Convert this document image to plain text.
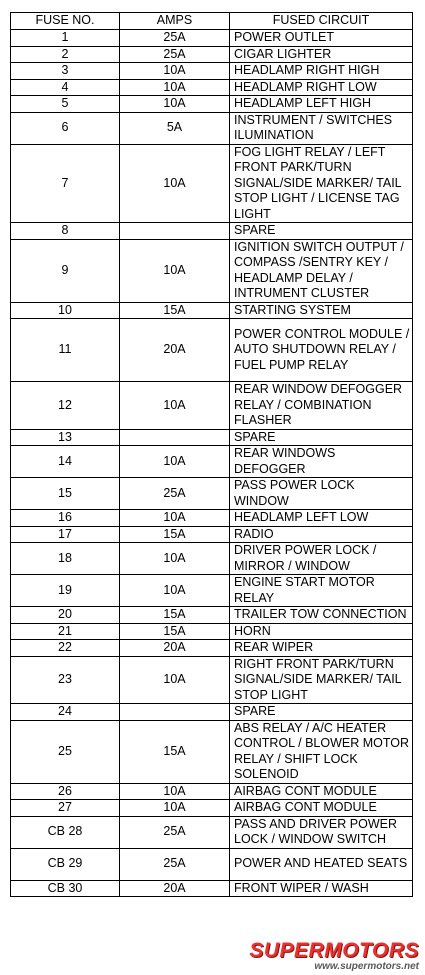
FUSE NO.	AMPS	FUSED CIRCUIT
1	25A	POWER OUTLET
2	25A	CIGAR LIGHTER
3	10A	HEADLAMP RIGHT HIGH
4	10A	HEADLAMP RIGHT LOW
5	10A	HEADLAMP LEFT HIGH
6	5A	INSTRUMENT / SWITCHES ILUMINATION
7	10A	FOG LIGHT RELAY / LEFT FRONT PARK/TURN SIGNAL/SIDE MARKER/ TAIL STOP LIGHT / LICENSE TAG LIGHT
8		SPARE
9	10A	IGNITION SWITCH OUTPUT / COMPASS /SENTRY KEY / HEADLAMP DELAY / INTRUMENT CLUSTER
10	15A	STARTING SYSTEM
11	20A	POWER CONTROL MODULE / AUTO SHUTDOWN RELAY / FUEL PUMP RELAY
12	10A	REAR WINDOW DEFOGGER RELAY / COMBINATION FLASHER
13		SPARE
14	10A	REAR WINDOWS DEFOGGER
15	25A	PASS POWER LOCK WINDOW
16	10A	HEADLAMP LEFT LOW
17	15A	RADIO
18	10A	DRIVER POWER LOCK / MIRROR / WINDOW
19	10A	ENGINE START MOTOR RELAY
20	15A	TRAILER TOW CONNECTION
21	15A	HORN
22	20A	REAR WIPER
23	10A	RIGHT FRONT PARK/TURN SIGNAL/SIDE MARKER/ TAIL STOP LIGHT
24		SPARE
25	15A	ABS RELAY / A/C HEATER CONTROL / BLOWER MOTOR RELAY / SHIFT LOCK SOLENOID
26	10A	AIRBAG CONT MODULE
27	10A	AIRBAG CONT MODULE
CB 28	25A	PASS AND DRIVER POWER LOCK / WINDOW SWITCH
CB 29	25A	POWER AND HEATED SEATS
CB 30	20A	FRONT WIPER / WASH
SUPERMOTORS
www.supermotors.net
